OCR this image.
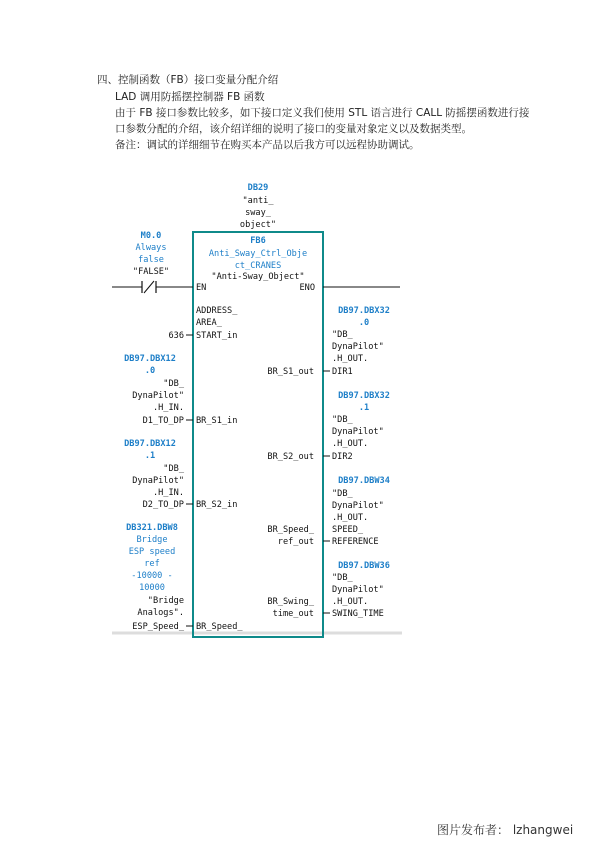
四、控制函数（FB）接口变量分配介绍
LAD 调用防摇摆控制器 FB 函数
由于 FB 接口参数比较多，如下接口定义我们使用 STL 语言进行 CALL 防摇摆函数进行接
口参数分配的介绍，该介绍详细的说明了接口的变量对象定义以及数据类型。
备注：调试的详细细节在购买本产品以后我方可以远程协助调试。
DB29
"anti_
sway_
object"
FB6
Anti_Sway_Ctrl_Obje
ct_CRANES
"Anti-Sway_Object"
EN	ENO
M0.0
Always
false
"FALSE"
ADDRESS_
AREA_
START_in
BR_S1_in
BR_S2_in
BR_Speed_
BR_S1_out
BR_S2_out
BR_Speed_
ref_out
BR_Swing_
time_out
636
DB97.DBX12
.0
"DB_
DynaPilot"
.H_IN.
D1_TO_DP
DB97.DBX12
.1
"DB_
DynaPilot"
.H_IN.
D2_TO_DP
DB321.DBW8
Bridge
ESP speed
ref
-10000 -
10000
"Bridge
Analogs".
ESP_Speed_
DB97.DBX32
.0
"DB_
DynaPilot"
.H_OUT.
DIR1
DB97.DBX32
.1
"DB_
DynaPilot"
.H_OUT.
DIR2
DB97.DBW34
"DB_
DynaPilot"
.H_OUT.
SPEED_
REFERENCE
DB97.DBW36
"DB_
DynaPilot"
.H_OUT.
SWING_TIME
图片发布者： lzhangwei
